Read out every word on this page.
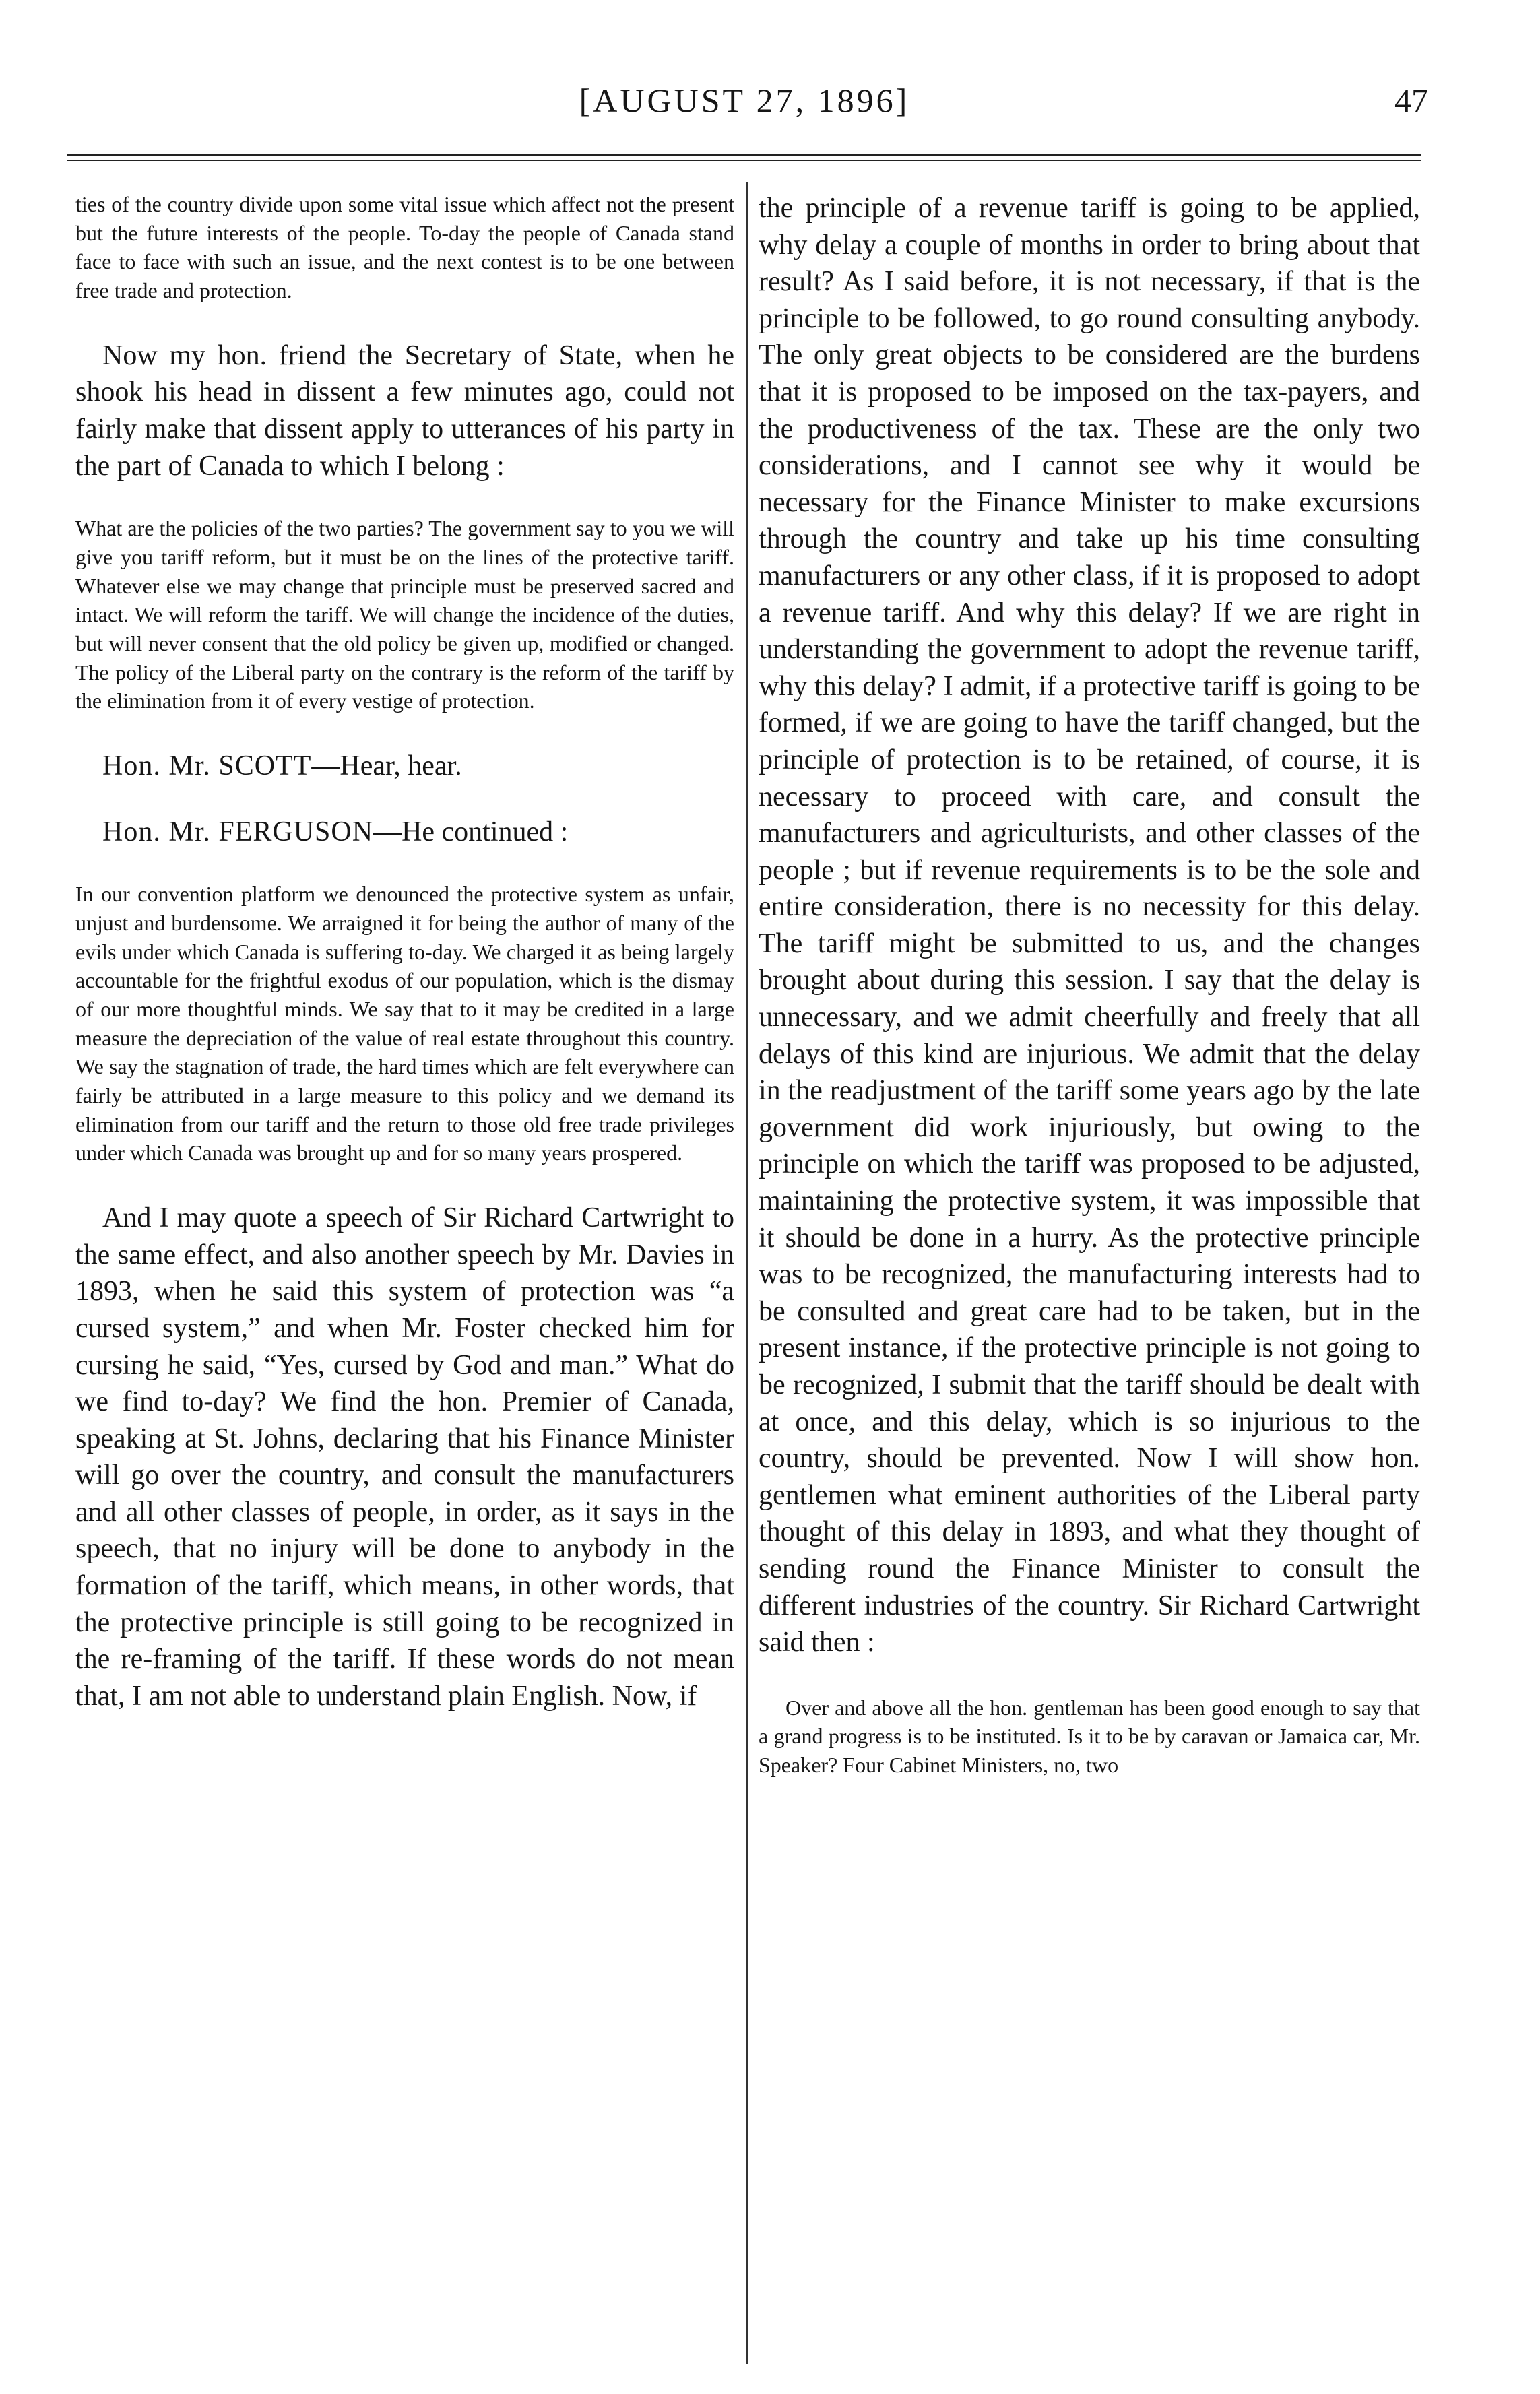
[AUGUST 27, 1896]	47

ties of the country divide upon some vital issue which affect not the present but the future interests of the people. To-day the people of Canada stand face to face with such an issue, and the next contest is to be one between free trade and protection.

Now my hon. friend the Secretary of State, when he shook his head in dissent a few minutes ago, could not fairly make that dissent apply to utterances of his party in the part of Canada to which I belong :

What are the policies of the two parties? The government say to you we will give you tariff reform, but it must be on the lines of the protective tariff. Whatever else we may change that principle must be preserved sacred and intact. We will reform the tariff. We will change the incidence of the duties, but will never consent that the old policy be given up, modified or changed. The policy of the Liberal party on the contrary is the reform of the tariff by the elimination from it of every vestige of protection.

Hon. Mr. SCOTT—Hear, hear.

Hon. Mr. FERGUSON—He continued :

In our convention platform we denounced the protective system as unfair, unjust and burdensome. We arraigned it for being the author of many of the evils under which Canada is suffering to-day. We charged it as being largely accountable for the frightful exodus of our population, which is the dismay of our more thoughtful minds. We say that to it may be credited in a large measure the depreciation of the value of real estate throughout this country. We say the stagnation of trade, the hard times which are felt everywhere can fairly be attributed in a large measure to this policy and we demand its elimination from our tariff and the return to those old free trade privileges under which Canada was brought up and for so many years prospered.

And I may quote a speech of Sir Richard Cartwright to the same effect, and also another speech by Mr. Davies in 1893, when he said this system of protection was “a cursed system,” and when Mr. Foster checked him for cursing he said, “Yes, cursed by God and man.” What do we find to-day? We find the hon. Premier of Canada, speaking at St. Johns, declaring that his Finance Minister will go over the country, and consult the manufacturers and all other classes of people, in order, as it says in the speech, that no injury will be done to anybody in the formation of the tariff, which means, in other words, that the protective principle is still going to be recognized in the re-framing of the tariff. If these words do not mean that, I am not able to understand plain English. Now, if

the principle of a revenue tariff is going to be applied, why delay a couple of months in order to bring about that result? As I said before, it is not necessary, if that is the principle to be followed, to go round consulting anybody. The only great objects to be considered are the burdens that it is proposed to be imposed on the tax-payers, and the productiveness of the tax. These are the only two considerations, and I cannot see why it would be necessary for the Finance Minister to make excursions through the country and take up his time consulting manufacturers or any other class, if it is proposed to adopt a revenue tariff. And why this delay? If we are right in understanding the government to adopt the revenue tariff, why this delay? I admit, if a protective tariff is going to be formed, if we are going to have the tariff changed, but the principle of protection is to be retained, of course, it is necessary to proceed with care, and consult the manufacturers and agriculturists, and other classes of the people ; but if revenue requirements is to be the sole and entire consideration, there is no necessity for this delay. The tariff might be submitted to us, and the changes brought about during this session. I say that the delay is unnecessary, and we admit cheerfully and freely that all delays of this kind are injurious. We admit that the delay in the readjustment of the tariff some years ago by the late government did work injuriously, but owing to the principle on which the tariff was proposed to be adjusted, maintaining the protective system, it was impossible that it should be done in a hurry. As the protective principle was to be recognized, the manufacturing interests had to be consulted and great care had to be taken, but in the present instance, if the protective principle is not going to be recognized, I submit that the tariff should be dealt with at once, and this delay, which is so injurious to the country, should be prevented. Now I will show hon. gentlemen what eminent authorities of the Liberal party thought of this delay in 1893, and what they thought of sending round the Finance Minister to consult the different industries of the country. Sir Richard Cartwright said then :

Over and above all the hon. gentleman has been good enough to say that a grand progress is to be instituted. Is it to be by caravan or Jamaica car, Mr. Speaker? Four Cabinet Ministers, no, two
